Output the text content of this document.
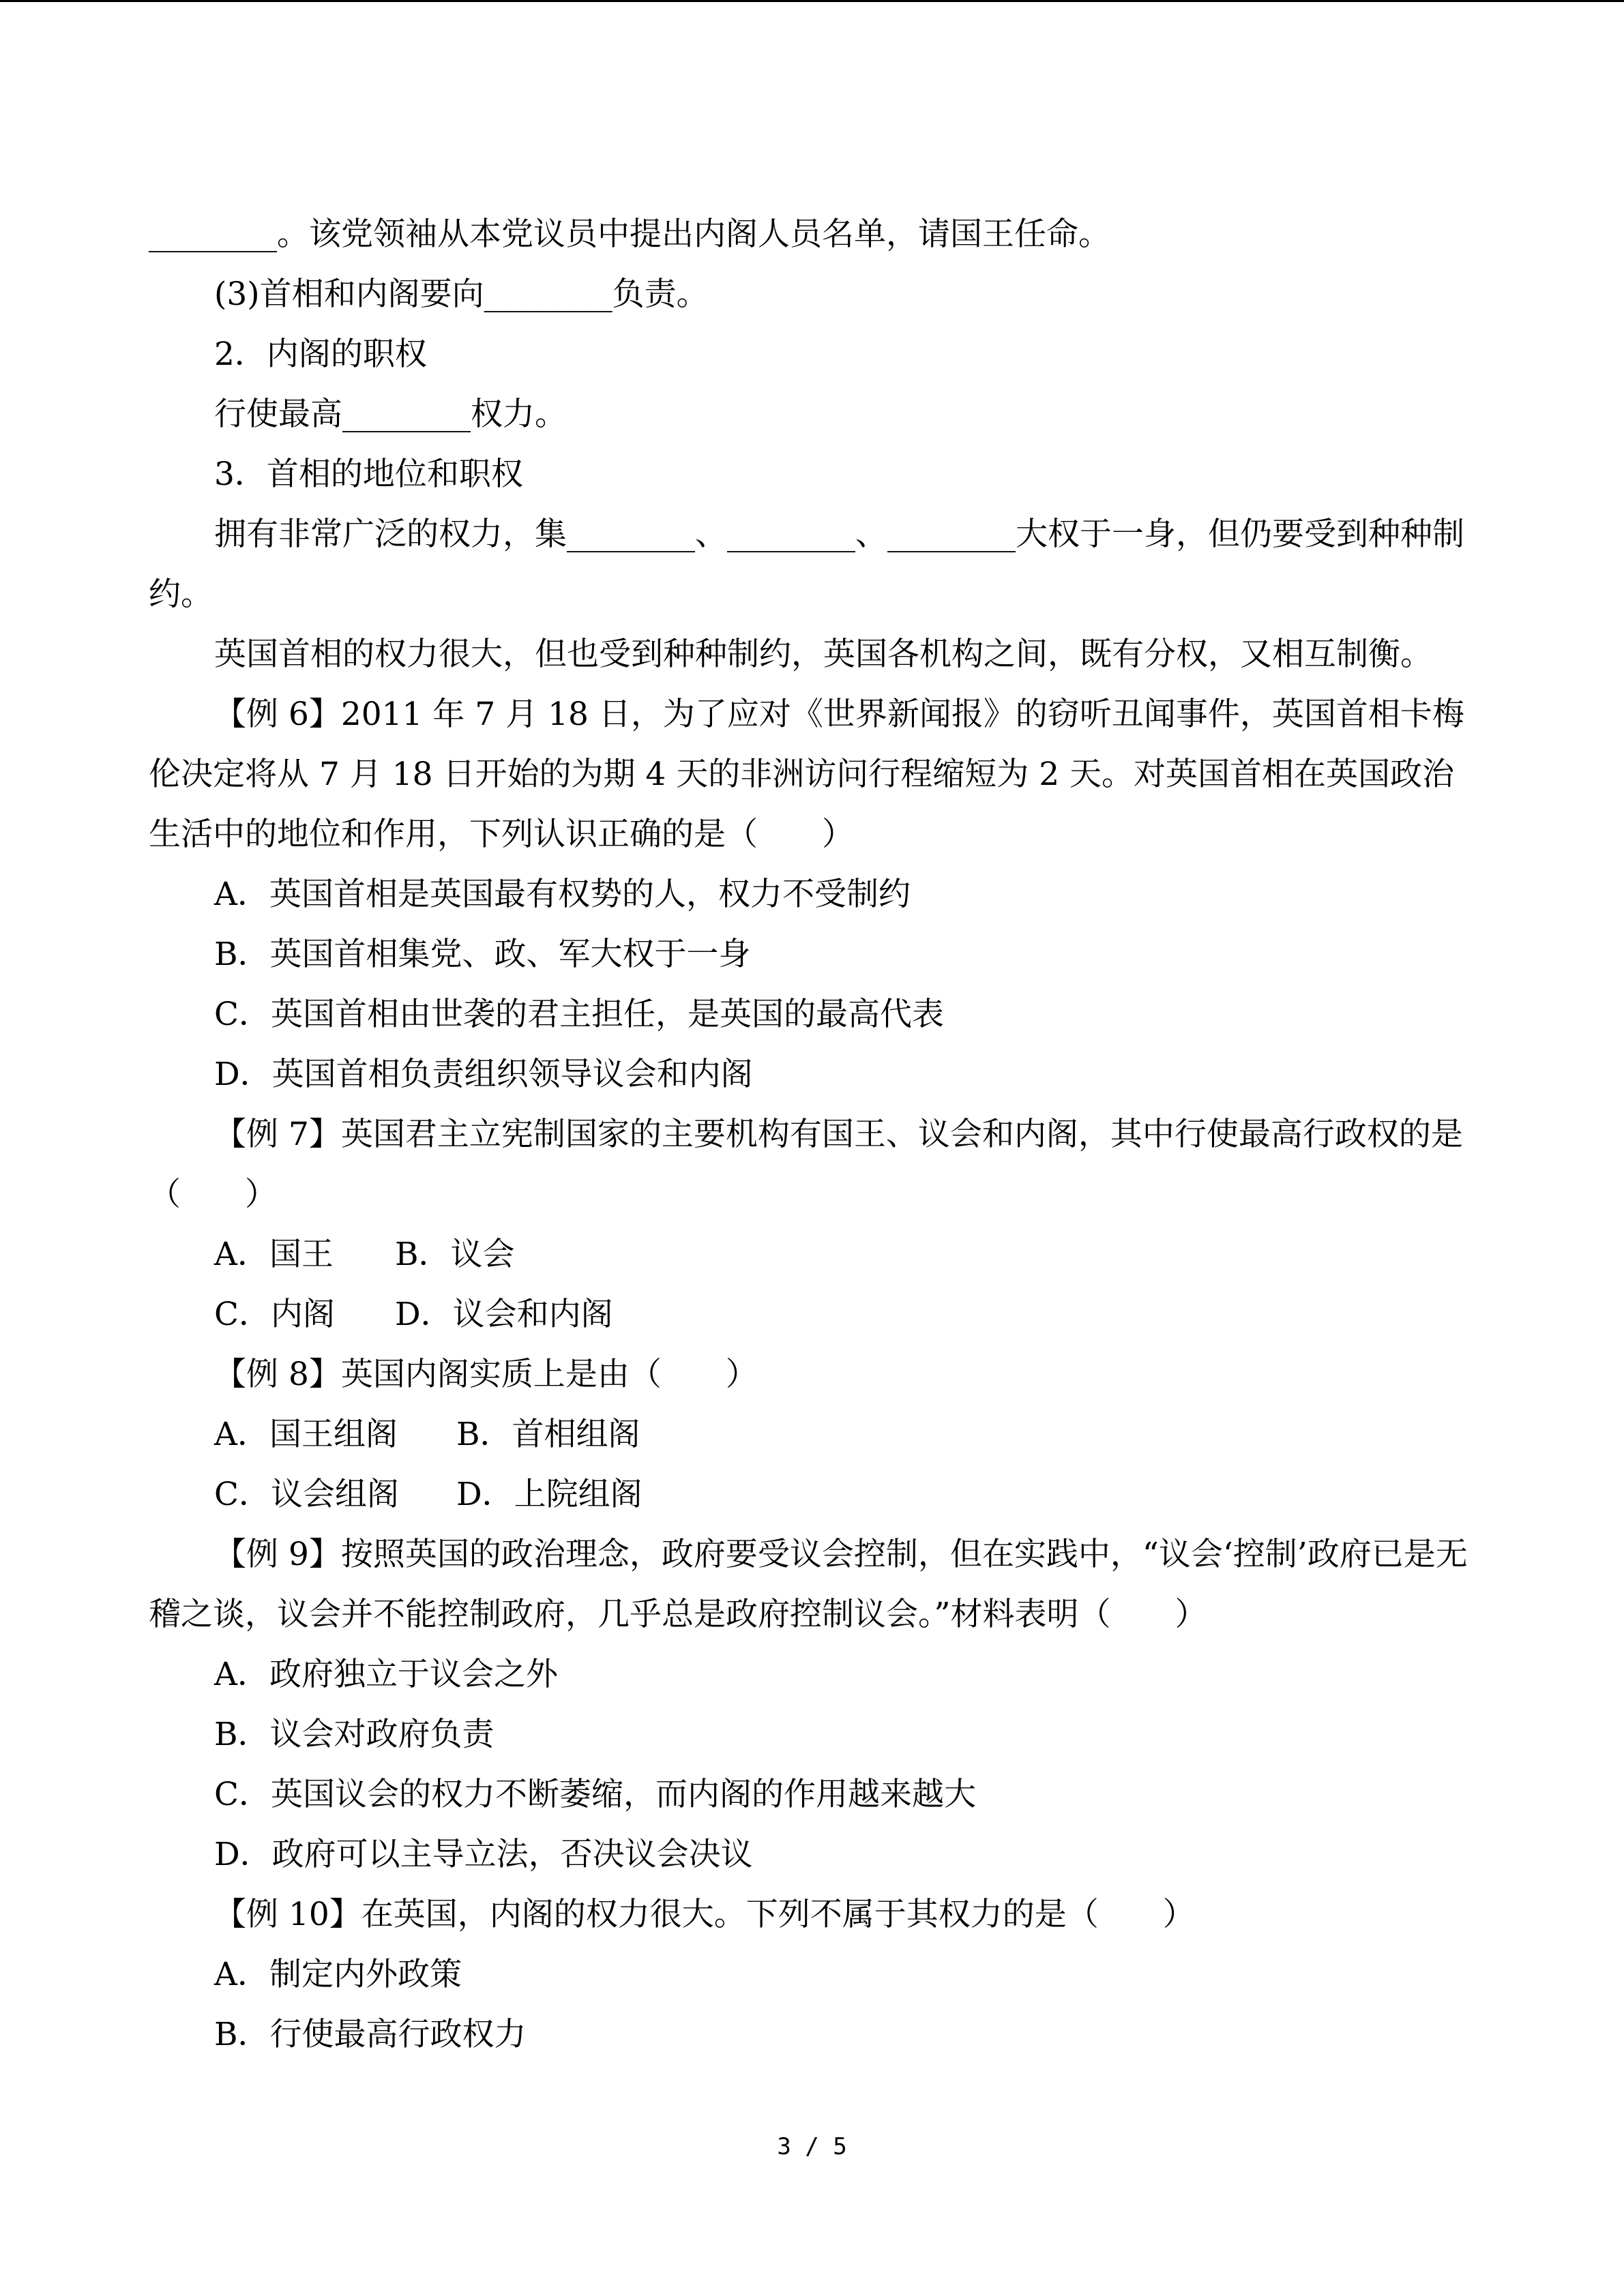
________。该党领袖从本党议员中提出内阁人员名单，请国王任命。

(3)首相和内阁要向________负责。

2．内阁的职权

行使最高________权力。

3．首相的地位和职权

拥有非常广泛的权力，集________、________、________大权于一身，但仍要受到种种制约。

英国首相的权力很大，但也受到种种制约，英国各机构之间，既有分权，又相互制衡。

【例 6】2011 年 7 月 18 日，为了应对《世界新闻报》的窃听丑闻事件，英国首相卡梅伦决定将从 7 月 18 日开始的为期 4 天的非洲访问行程缩短为 2 天。对英国首相在英国政治生活中的地位和作用，下列认识正确的是（　　）

A．英国首相是英国最有权势的人，权力不受制约

B．英国首相集党、政、军大权于一身

C．英国首相由世袭的君主担任，是英国的最高代表

D．英国首相负责组织领导议会和内阁

【例 7】英国君主立宪制国家的主要机构有国王、议会和内阁，其中行使最高行政权的是（　　）

A．国王	B．议会
C．内阁	D．议会和内阁

【例 8】英国内阁实质上是由（　　）

A．国王组阁	B．首相组阁
C．议会组阁	D．上院组阁

【例 9】按照英国的政治理念，政府要受议会控制，但在实践中，“议会‘控制’政府已是无稽之谈，议会并不能控制政府，几乎总是政府控制议会。”材料表明（　　）

A．政府独立于议会之外

B．议会对政府负责

C．英国议会的权力不断萎缩，而内阁的作用越来越大

D．政府可以主导立法，否决议会决议

【例 10】在英国，内阁的权力很大。下列不属于其权力的是（　　）

A．制定内外政策

B．行使最高行政权力

3 / 5
